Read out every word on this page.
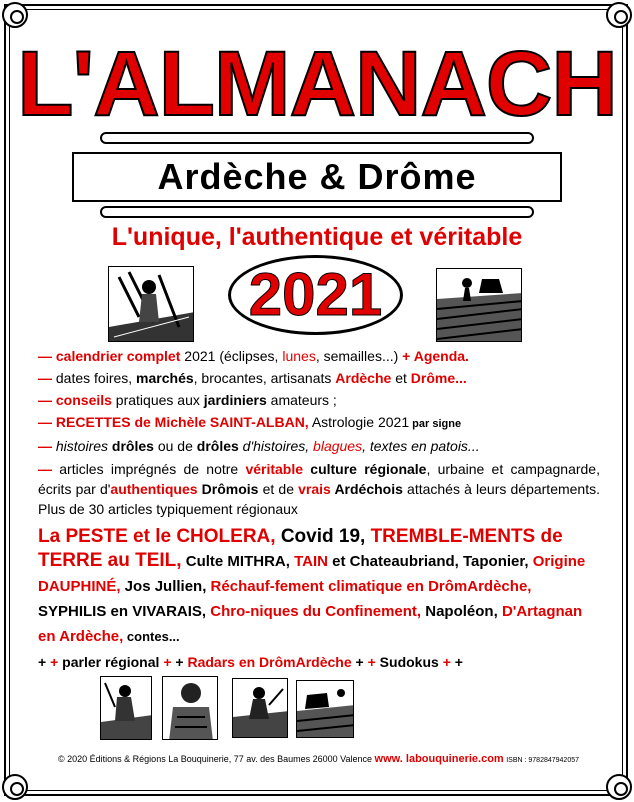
L'ALMANACH
Ardèche & Drôme
L'unique, l'authentique et véritable
2021
— calendrier complet 2021 (éclipses, lunes, semailles...) + Agenda.
— dates foires, marchés, brocantes, artisanats Ardèche et Drôme...
— conseils pratiques aux jardiniers amateurs ;
— RECETTES de Michèle SAINT-ALBAN, Astrologie 2021 par signe
— histoires drôles ou de drôles d'histoires, blagues, textes en patois...
— articles imprégnés de notre véritable culture régionale, urbaine et campagnarde, écrits par d'authentiques Drômois et de vrais Ardéchois attachés à leurs départements. Plus de 30 articles typiquement régionaux
La PESTE et le CHOLERA, Covid 19, TREMBLE-MENTS de TERRE au TEIL, Culte MITHRA, TAIN et Chateaubriand, Taponier, Origine DAUPHINÉ, Jos Jullien, Réchauf-fement climatique en DrômArdèche, SYPHILIS en VIVARAIS, Chro-niques du Confinement, Napoléon, D'Artagnan en Ardèche, contes...
+ + parler régional + + Radars en DrômArdèche + + Sudokus + +
© 2020 Éditions & Régions La Bouquinerie, 77 av. des Baumes 26000 Valence www. labouquinerie.com ISBN : 9782847942057
